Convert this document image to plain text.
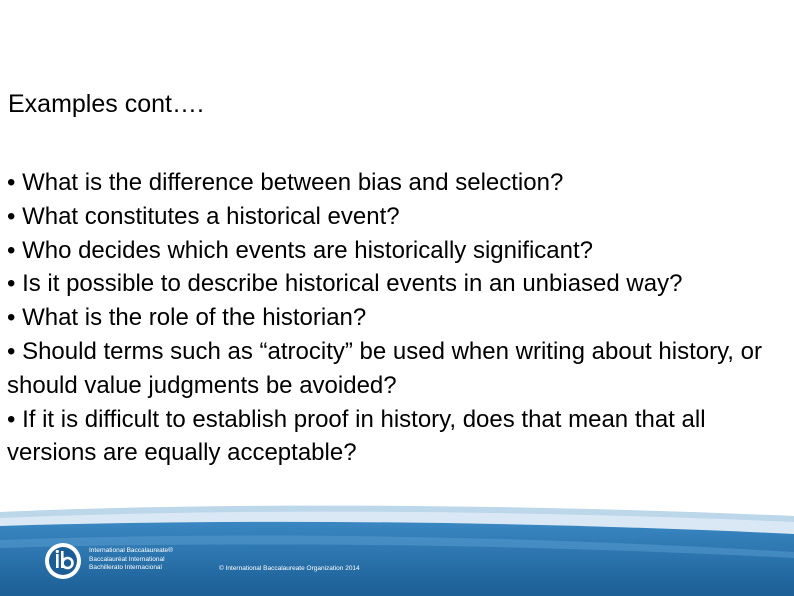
Examples cont….
• What is the difference between bias and selection?
• What constitutes a historical event?
• Who decides which events are historically significant?
• Is it possible to describe historical events in an unbiased way?
• What is the role of the historian?
• Should terms such as “atrocity” be used when writing about history, or should value judgments be avoided?
• If it is difficult to establish proof in history, does that mean that all versions are equally acceptable?
International Baccalaureate®
Baccalauréat International
Bachillerato Internacional	© International Baccalaureate Organization 2014
